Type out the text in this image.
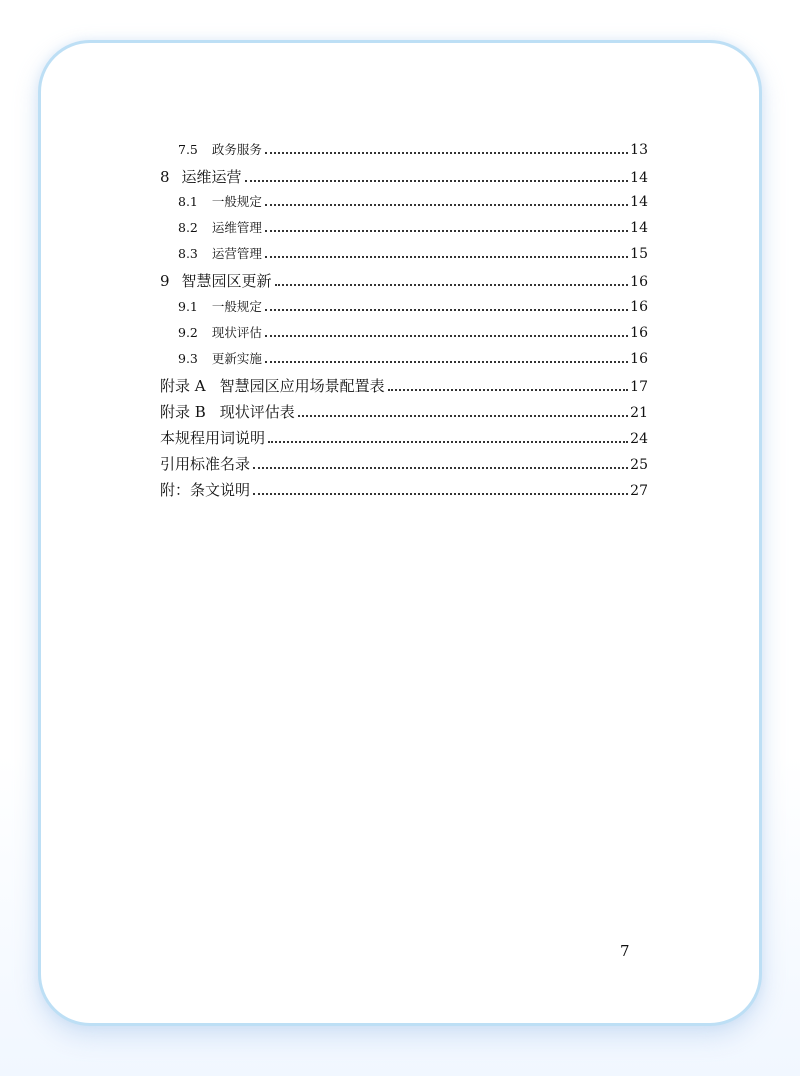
7.5 政务服务	13
8 运维运营	14
8.1 一般规定	14
8.2 运维管理	14
8.3 运营管理	15
9 智慧园区更新	16
9.1 一般规定	16
9.2 现状评估	16
9.3 更新实施	16
附录 A 智慧园区应用场景配置表	17
附录 B 现状评估表	21
本规程用词说明	24
引用标准名录	25
附：条文说明	27
7
